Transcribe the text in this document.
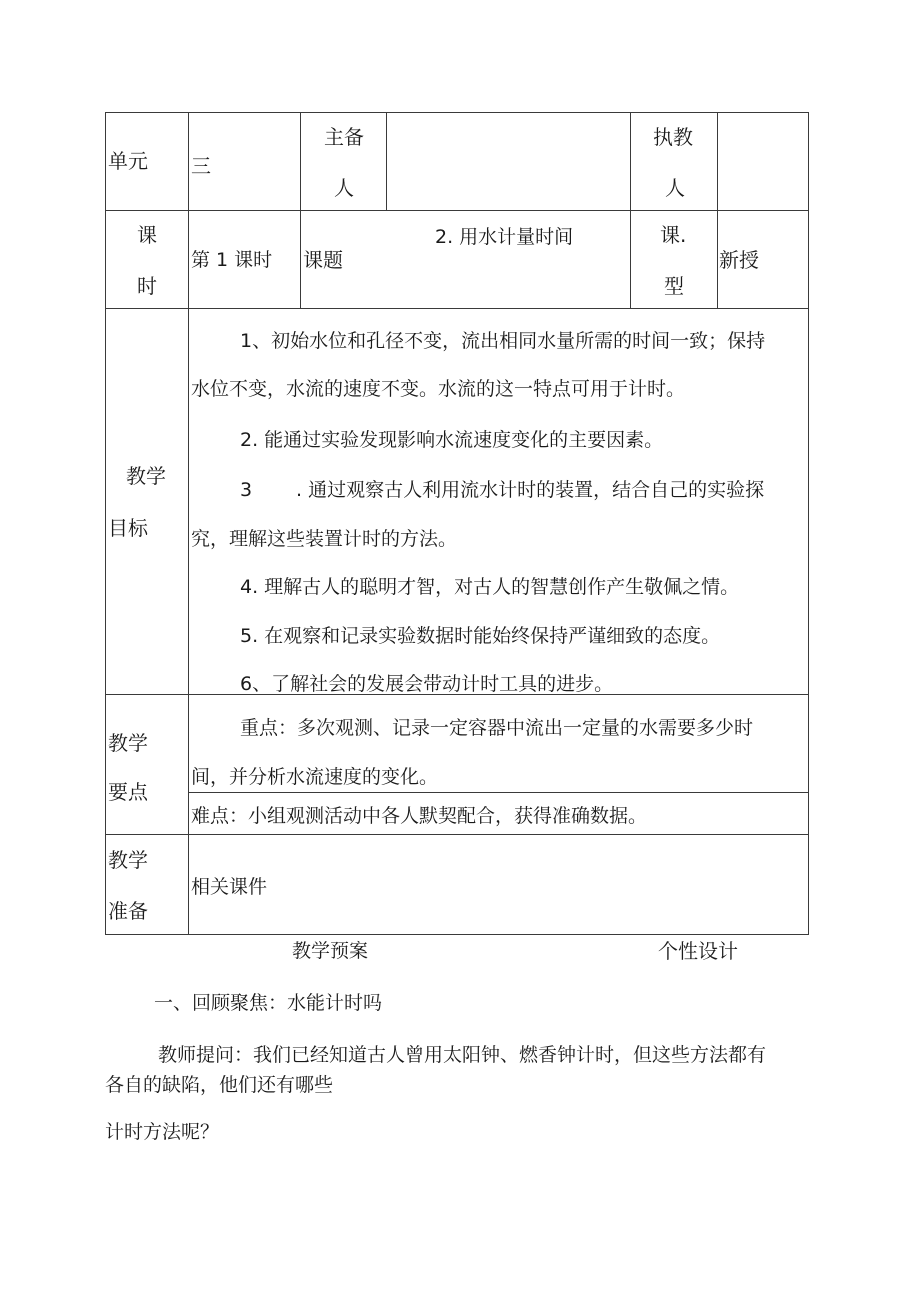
单元 三
主备
人
执教
人
课
时
第 1 课时 课题
2. 用水计量时间	课.
型
新授
教学
目标
1、初始水位和孔径不变，流出相同水量所需的时间一致；保持
水位不变，水流的速度不变。水流的这一特点可用于计时。
2. 能通过实验发现影响水流速度变化的主要因素。
3 . 通过观察古人利用流水计时的装置，结合自己的实验探
究，理解这些装置计时的方法。
4. 理解古人的聪明才智，对古人的智慧创作产生敬佩之情。
5. 在观察和记录实验数据时能始终保持严谨细致的态度。
6、了解社会的发展会带动计时工具的进步。
教学
要点
重点：多次观测、记录一定容器中流出一定量的水需要多少时
间，并分析水流速度的变化。
难点：小组观测活动中各人默契配合，获得准确数据。
教学
准备
相关课件
教学预案	个性设计
一、回顾聚焦：水能计时吗
教师提问：我们已经知道古人曾用太阳钟、燃香钟计时，但这些方法都有
各自的缺陷，他们还有哪些
计时方法呢？
